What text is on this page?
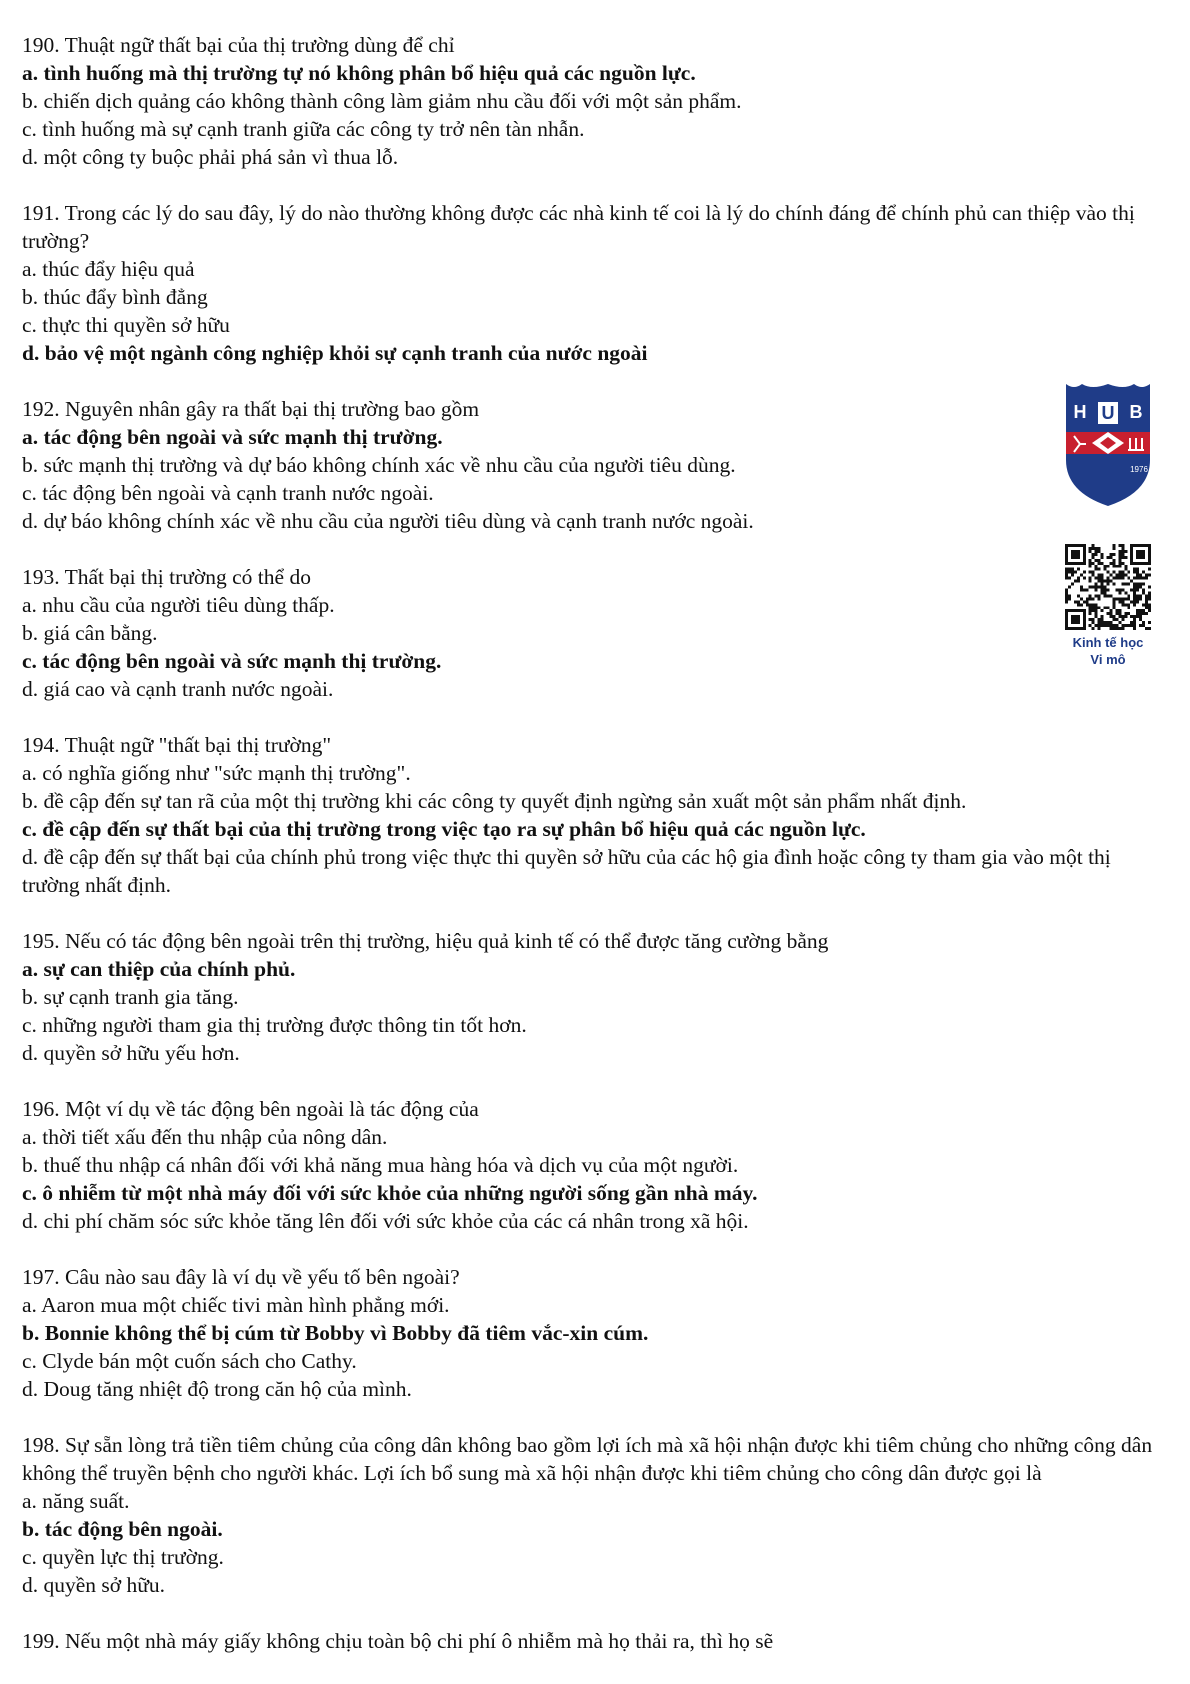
190. Thuật ngữ thất bại của thị trường dùng để chỉ

a. tình huống mà thị trường tự nó không phân bổ hiệu quả các nguồn lực.

b. chiến dịch quảng cáo không thành công làm giảm nhu cầu đối với một sản phẩm.

c. tình huống mà sự cạnh tranh giữa các công ty trở nên tàn nhẫn.

d. một công ty buộc phải phá sản vì thua lỗ.

191. Trong các lý do sau đây, lý do nào thường không được các nhà kinh tế coi là lý do chính đáng để chính phủ can thiệp vào thị trường?

a. thúc đẩy hiệu quả

b. thúc đẩy bình đẳng

c. thực thi quyền sở hữu

d. bảo vệ một ngành công nghiệp khỏi sự cạnh tranh của nước ngoài

192. Nguyên nhân gây ra thất bại thị trường bao gồm

a. tác động bên ngoài và sức mạnh thị trường.

b. sức mạnh thị trường và dự báo không chính xác về nhu cầu của người tiêu dùng.

c. tác động bên ngoài và cạnh tranh nước ngoài.

d. dự báo không chính xác về nhu cầu của người tiêu dùng và cạnh tranh nước ngoài.

193. Thất bại thị trường có thể do

a. nhu cầu của người tiêu dùng thấp.

b. giá cân bằng.

c. tác động bên ngoài và sức mạnh thị trường.

d. giá cao và cạnh tranh nước ngoài.

194. Thuật ngữ "thất bại thị trường"

a. có nghĩa giống như "sức mạnh thị trường".

b. đề cập đến sự tan rã của một thị trường khi các công ty quyết định ngừng sản xuất một sản phẩm nhất định.

c. đề cập đến sự thất bại của thị trường trong việc tạo ra sự phân bổ hiệu quả các nguồn lực.

d. đề cập đến sự thất bại của chính phủ trong việc thực thi quyền sở hữu của các hộ gia đình hoặc công ty tham gia vào một thị trường nhất định.

195. Nếu có tác động bên ngoài trên thị trường, hiệu quả kinh tế có thể được tăng cường bằng

a. sự can thiệp của chính phủ.

b. sự cạnh tranh gia tăng.

c. những người tham gia thị trường được thông tin tốt hơn.

d. quyền sở hữu yếu hơn.

196. Một ví dụ về tác động bên ngoài là tác động của

a. thời tiết xấu đến thu nhập của nông dân.

b. thuế thu nhập cá nhân đối với khả năng mua hàng hóa và dịch vụ của một người.

c. ô nhiễm từ một nhà máy đối với sức khỏe của những người sống gần nhà máy.

d. chi phí chăm sóc sức khỏe tăng lên đối với sức khỏe của các cá nhân trong xã hội.

197. Câu nào sau đây là ví dụ về yếu tố bên ngoài?

a. Aaron mua một chiếc tivi màn hình phẳng mới.

b. Bonnie không thể bị cúm từ Bobby vì Bobby đã tiêm vắc-xin cúm.

c. Clyde bán một cuốn sách cho Cathy.

d. Doug tăng nhiệt độ trong căn hộ của mình.

198. Sự sẵn lòng trả tiền tiêm chủng của công dân không bao gồm lợi ích mà xã hội nhận được khi tiêm chủng cho những công dân không thể truyền bệnh cho người khác. Lợi ích bổ sung mà xã hội nhận được khi tiêm chủng cho công dân được gọi là

a. năng suất.

b. tác động bên ngoài.

c. quyền lực thị trường.

d. quyền sở hữu.

199. Nếu một nhà máy giấy không chịu toàn bộ chi phí ô nhiễm mà họ thải ra, thì họ sẽ

H U B
1976
Kinh tế học
Vi mô
